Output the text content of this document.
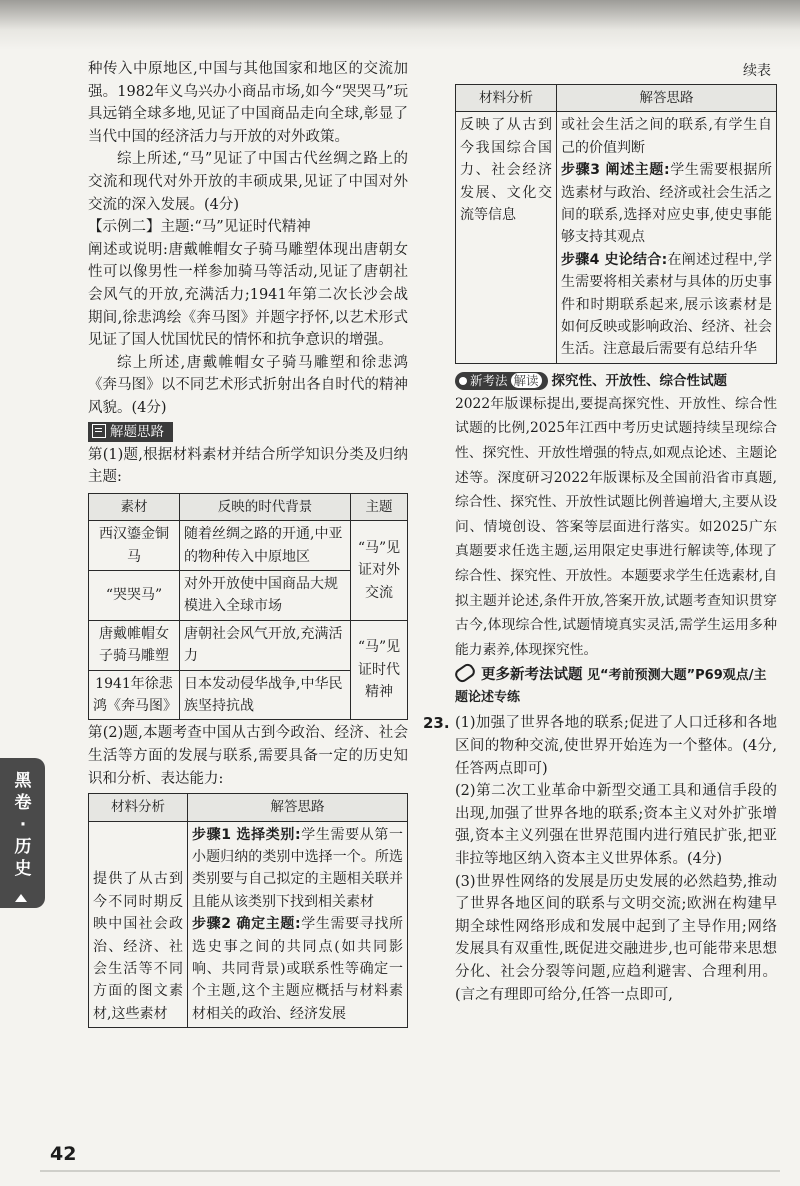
种传入中原地区,中国与其他国家和地区的交流加强。1982年义乌兴办小商品市场,如今“哭哭马”玩具远销全球多地,见证了中国商品走向全球,彰显了当代中国的经济活力与开放的对外政策。

综上所述,“马”见证了中国古代丝绸之路上的交流和现代对外开放的丰硕成果,见证了中国对外交流的深入发展。(4分)

【示例二】主题:“马”见证时代精神

阐述或说明:唐戴帷帽女子骑马雕塑体现出唐朝女性可以像男性一样参加骑马等活动,见证了唐朝社会风气的开放,充满活力;1941年第二次长沙会战期间,徐悲鸿绘《奔马图》并题字抒怀,以艺术形式见证了国人忧国忧民的情怀和抗争意识的增强。

综上所述,唐戴帷帽女子骑马雕塑和徐悲鸿《奔马图》以不同艺术形式折射出各自时代的精神风貌。(4分)

解题思路

第(1)题,根据材料素材并结合所学知识分类及归纳主题:

素材	反映的时代背景	主题
西汉鎏金铜马	随着丝绸之路的开通,中亚的物种传入中原地区	“马”见证对外交流
“哭哭马”	对外开放使中国商品大规模进入全球市场	
唐戴帷帽女子骑马雕塑	唐朝社会风气开放,充满活力	“马”见证时代精神
1941年徐悲鸿《奔马图》	日本发动侵华战争,中华民族坚持抗战	

第(2)题,本题考查中国从古到今政治、经济、社会生活等方面的发展与联系,需要具备一定的历史知识和分析、表达能力:

材料分析	解答思路
提供了从古到今不同时期反映中国社会政治、经济、社会生活等不同方面的图文素材,这些素材	步骤1 选择类别:学生需要从第一小题归纳的类别中选择一个。所选类别要与自己拟定的主题相关联并且能从该类别下找到相关素材
步骤2 确定主题:学生需要寻找所选史事之间的共同点(如共同影响、共同背景)或联系性等确定一个主题,这个主题应概括与材料素材相关的政治、经济发展
续表
材料分析	解答思路
反映了从古到今我国综合国力、社会经济发展、文化交流等信息	或社会生活之间的联系,有学生自己的价值判断
步骤3 阐述主题:学生需要根据所选素材与政治、经济或社会生活之间的联系,选择对应史事,使史事能够支持其观点
步骤4 史论结合:在阐述过程中,学生需要将相关素材与具体的历史事件和时期联系起来,展示该素材是如何反映或影响政治、经济、社会生活。注意最后需要有总结升华
新考法 解读 探究性、开放性、综合性试题

2022年版课标提出,要提高探究性、开放性、综合性试题的比例,2025年江西中考历史试题持续呈现综合性、探究性、开放性增强的特点,如观点论述、主题论述等。深度研习2022年版课标及全国前沿省市真题,综合性、探究性、开放性试题比例普遍增大,主要从设问、情境创设、答案等层面进行落实。如2025广东真题要求任选主题,运用限定史事进行解读等,体现了综合性、探究性、开放性。本题要求学生任选素材,自拟主题并论述,条件开放,答案开放,试题考查知识贯穿古今,体现综合性,试题情境真实灵活,需学生运用多种能力素养,体现探究性。

更多新考法试题 见“考前预测大题”P69观点/主题论述专练
23. (1)加强了世界各地的联系;促进了人口迁移和各地区间的物种交流,使世界开始连为一个整体。(4分,任答两点即可)

(2)第二次工业革命中新型交通工具和通信手段的出现,加强了世界各地的联系;资本主义对外扩张增强,资本主义列强在世界范围内进行殖民扩张,把亚非拉等地区纳入资本主义世界体系。(4分)

(3)世界性网络的发展是历史发展的必然趋势,推动了世界各地区间的联系与文明交流;欧洲在构建早期全球性网络形成和发展中起到了主导作用;网络发展具有双重性,既促进交融进步,也可能带来思想分化、社会分裂等问题,应趋利避害、合理利用。(言之有理即可给分,任答一点即可,

黑卷·历史
42
